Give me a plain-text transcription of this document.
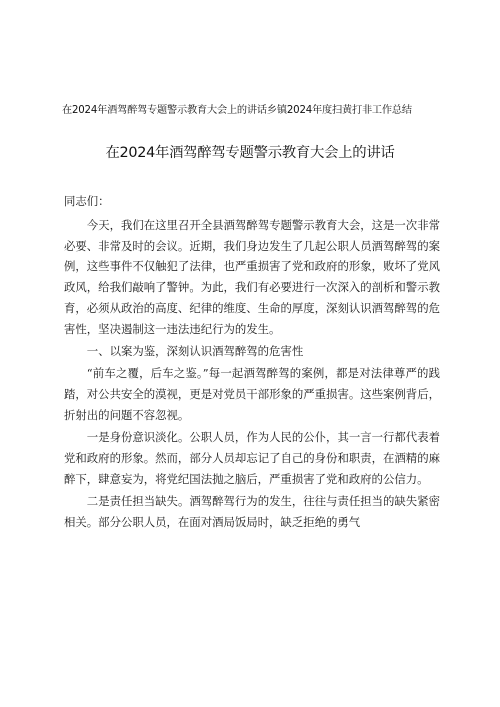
在2024年酒驾醉驾专题警示教育大会上的讲话乡镇2024年度扫黄打非工作总结
在2024年酒驾醉驾专题警示教育大会上的讲话

同志们：

今天，我们在这里召开全县酒驾醉驾专题警示教育大会，这是一次非常必要、非常及时的会议。近期，我们身边发生了几起公职人员酒驾醉驾的案例，这些事件不仅触犯了法律，也严重损害了党和政府的形象，败坏了党风政风，给我们敲响了警钟。为此，我们有必要进行一次深入的剖析和警示教育，必须从政治的高度、纪律的维度、生命的厚度，深刻认识酒驾醉驾的危害性，坚决遏制这一违法违纪行为的发生。

一、以案为鉴，深刻认识酒驾醉驾的危害性

“前车之覆，后车之鉴。”每一起酒驾醉驾的案例，都是对法律尊严的践踏，对公共安全的漠视，更是对党员干部形象的严重损害。这些案例背后，折射出的问题不容忽视。

一是身份意识淡化。公职人员，作为人民的公仆，其一言一行都代表着党和政府的形象。然而，部分人员却忘记了自己的身份和职责，在酒精的麻醉下，肆意妄为，将党纪国法抛之脑后，严重损害了党和政府的公信力。

二是责任担当缺失。酒驾醉驾行为的发生，往往与责任担当的缺失紧密相关。部分公职人员，在面对酒局饭局时，缺乏拒绝的勇气
